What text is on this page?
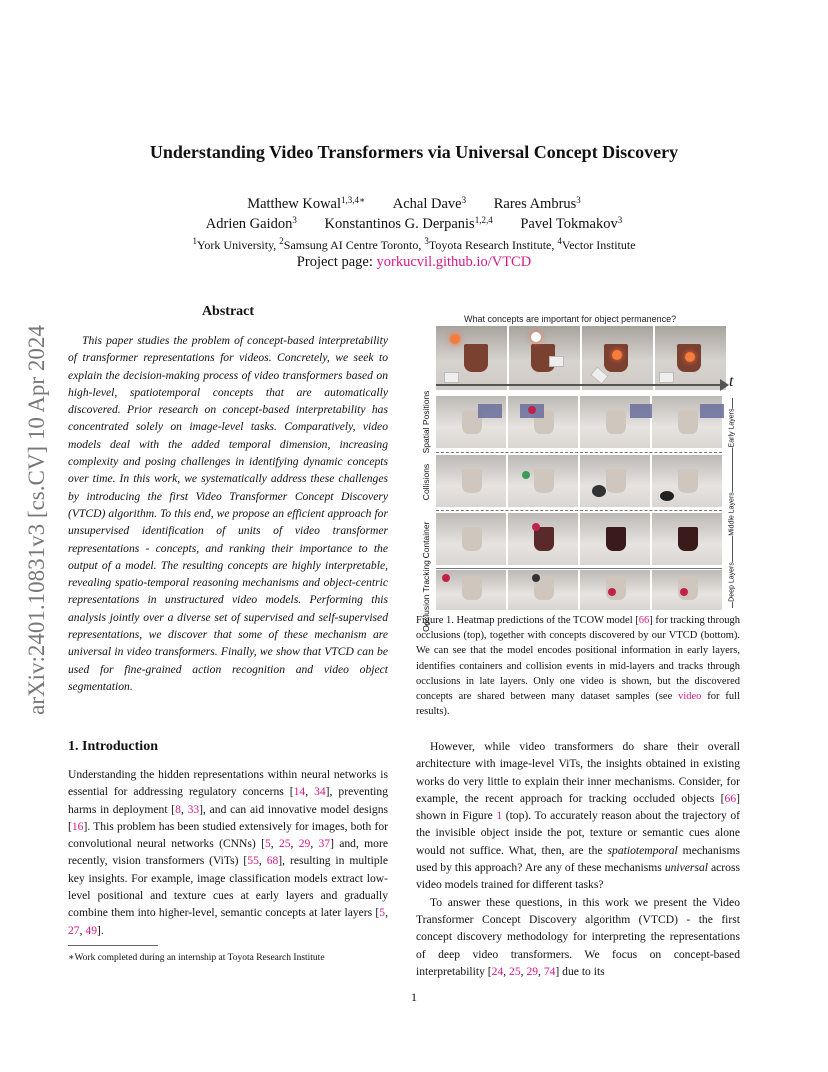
Understanding Video Transformers via Universal Concept Discovery
Matthew Kowal$^{1,3,4∗}$ Achal Dave$^3$ Rares Ambrus$^3$
Adrien Gaidon$^3$ Konstantinos G. Derpanis$^{1,2,4}$ Pavel Tokmakov$^3$
$^1$York University, $^2$Samsung AI Centre Toronto, $^3$Toyota Research Institute, $^4$Vector Institute
Project page: yorkucvil.github.io/VTCD
arXiv:2401.10831v3 [cs.CV] 10 Apr 2024
Abstract
This paper studies the problem of concept-based interpretability of transformer representations for videos. Concretely, we seek to explain the decision-making process of video transformers based on high-level, spatiotemporal concepts that are automatically discovered. Prior research on concept-based interpretability has concentrated solely on image-level tasks. Comparatively, video models deal with the added temporal dimension, increasing complexity and posing challenges in identifying dynamic concepts over time. In this work, we systematically address these challenges by introducing the first Video Transformer Concept Discovery (VTCD) algorithm. To this end, we propose an efficient approach for unsupervised identification of units of video transformer representations - concepts, and ranking their importance to the output of a model. The resulting concepts are highly interpretable, revealing spatio-temporal reasoning mechanisms and object-centric representations in unstructured video models. Performing this analysis jointly over a diverse set of supervised and self-supervised representations, we discover that some of these mechanism are universal in video transformers. Finally, we show that VTCD can be used for fine-grained action recognition and video object segmentation.
1. Introduction
Understanding the hidden representations within neural networks is essential for addressing regulatory concerns [14, 34], preventing harms in deployment [8, 33], and can aid innovative model designs [16]. This problem has been studied extensively for images, both for convolutional neural networks (CNNs) [5, 25, 29, 37] and, more recently, vision transformers (ViTs) [55, 68], resulting in multiple key insights. For example, image classification models extract low-level positional and texture cues at early layers and gradually combine them into higher-level, semantic concepts at later layers [5, 27, 49].
∗Work completed during an internship at Toyota Research Institute
What concepts are important for object permanence?
t
Spatial Positions
Collisions
Container
Occlusion Tracking
Early Layers
Middle Layers
Deep Layers
Figure 1. Heatmap predictions of the TCOW model [66] for tracking through occlusions (top), together with concepts discovered by our VTCD (bottom). We can see that the model encodes positional information in early layers, identifies containers and collision events in mid-layers and tracks through occlusions in late layers. Only one video is shown, but the discovered concepts are shared between many dataset samples (see video for full results).
However, while video transformers do share their overall architecture with image-level ViTs, the insights obtained in existing works do very little to explain their inner mechanisms. Consider, for example, the recent approach for tracking occluded objects [66] shown in Figure 1 (top). To accurately reason about the trajectory of the invisible object inside the pot, texture or semantic cues alone would not suffice. What, then, are the spatiotemporal mechanisms used by this approach? Are any of these mechanisms universal across video models trained for different tasks?
To answer these questions, in this work we present the Video Transformer Concept Discovery algorithm (VTCD) - the first concept discovery methodology for interpreting the representations of deep video transformers. We focus on concept-based interpretability [24, 25, 29, 74] due to its
1
